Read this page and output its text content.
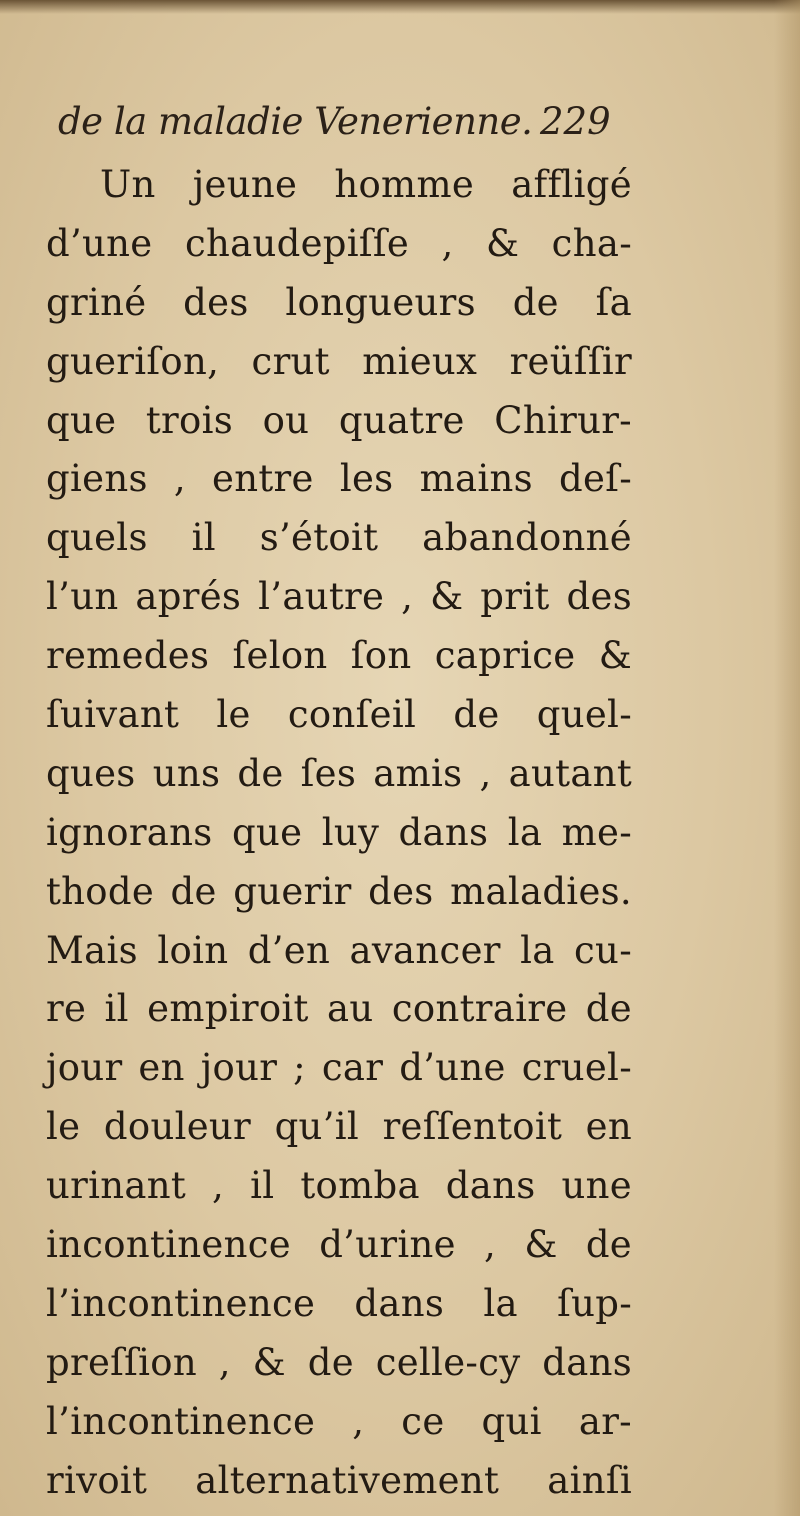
de la maladie Venerienne. 229
Un jeune homme affligé
d’une chaudepiſſe , & cha-
griné des longueurs de ſa
gueriſon, crut mieux reüſſir
que trois ou quatre Chirur-
giens , entre les mains deſ-
quels il s’étoit abandonné
l’un aprés l’autre , & prit des
remedes ſelon ſon caprice &
ſuivant le conſeil de quel-
ques uns de ſes amis , autant
ignorans que luy dans la me-
thode de guerir des maladies.
Mais loin d’en avancer la cu-
re il empiroit au contraire de
jour en jour ; car d’une cruel-
le douleur qu’il reſſentoit en
urinant , il tomba dans une
incontinence d’urine , & de
l’incontinence dans la ſup-
preſſion , & de celle-cy dans
l’incontinence , ce qui ar-
rivoit alternativement ainſi
